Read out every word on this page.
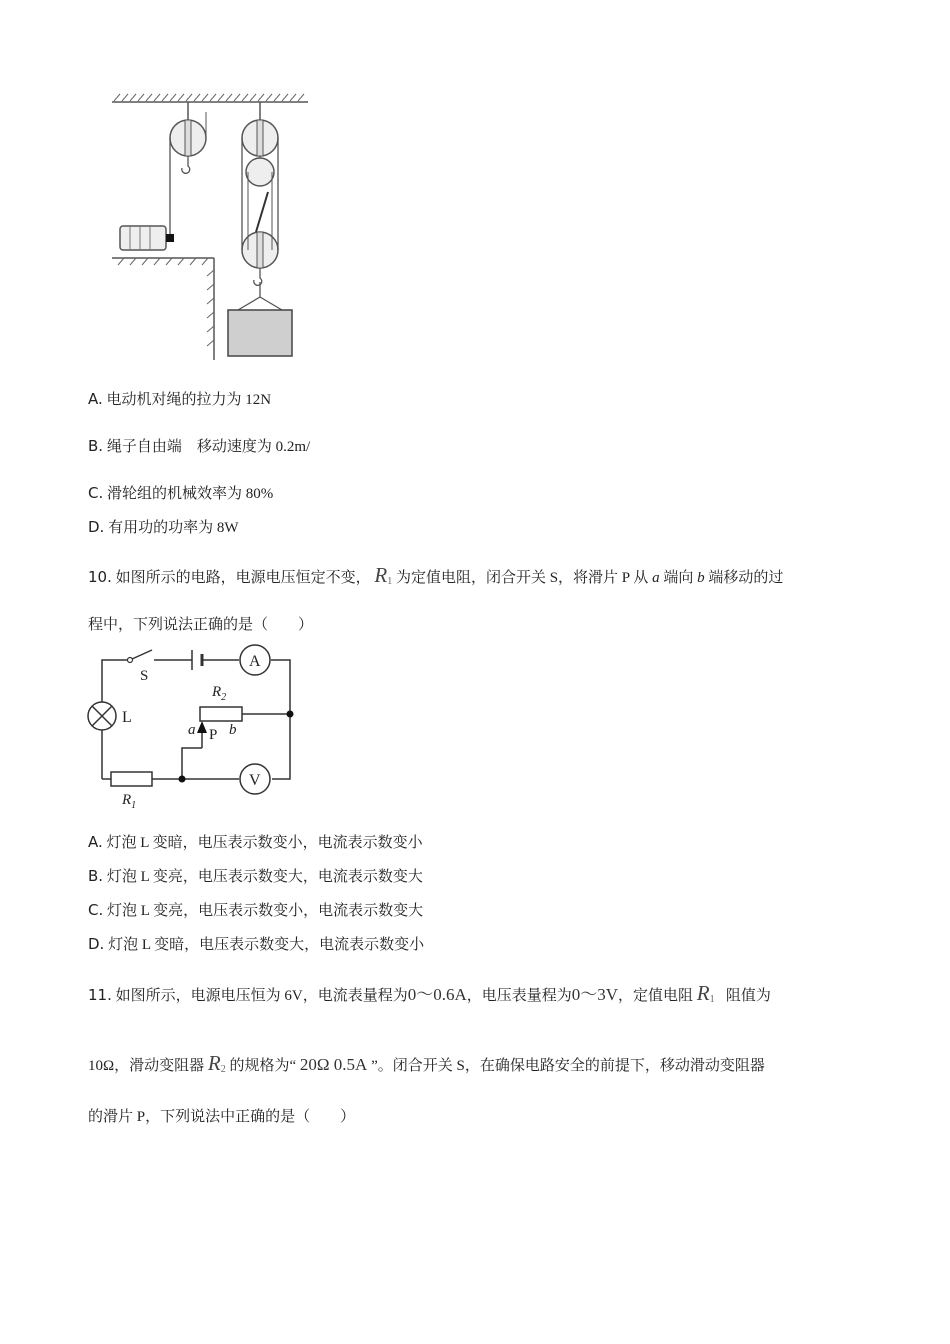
A. 电动机对绳的拉力为 12N
B. 绳子自由端    移动速度为 0.2m/
C. 滑轮组的机械效率为 80%
D. 有用功的功率为 8W
10. 如图所示的电路，电源电压恒定不变， $R_1$ 为定值电阻，闭合开关 S，将滑片 P 从 a 端向 b 端移动的过
程中，下列说法正确的是（　　）
S
A
L
$R_2$
a b
P
$R_1$
V
A. 灯泡 L 变暗，电压表示数变小，电流表示数变小
B. 灯泡 L 变亮，电压表示数变大，电流表示数变大
C. 灯泡 L 变亮，电压表示数变小，电流表示数变大
D. 灯泡 L 变暗，电压表示数变大，电流表示数变小
11. 如图所示，电源电压恒为 6V，电流表量程为0～0.6A，电压表量程为0～3V，定值电阻 $R_1$ 阻值为
10Ω，滑动变阻器 $R_2$ 的规格为“ 20Ω 0.5A ”。闭合开关 S，在确保电路安全的前提下，移动滑动变阻器
的滑片 P，下列说法中正确的是（　　）
